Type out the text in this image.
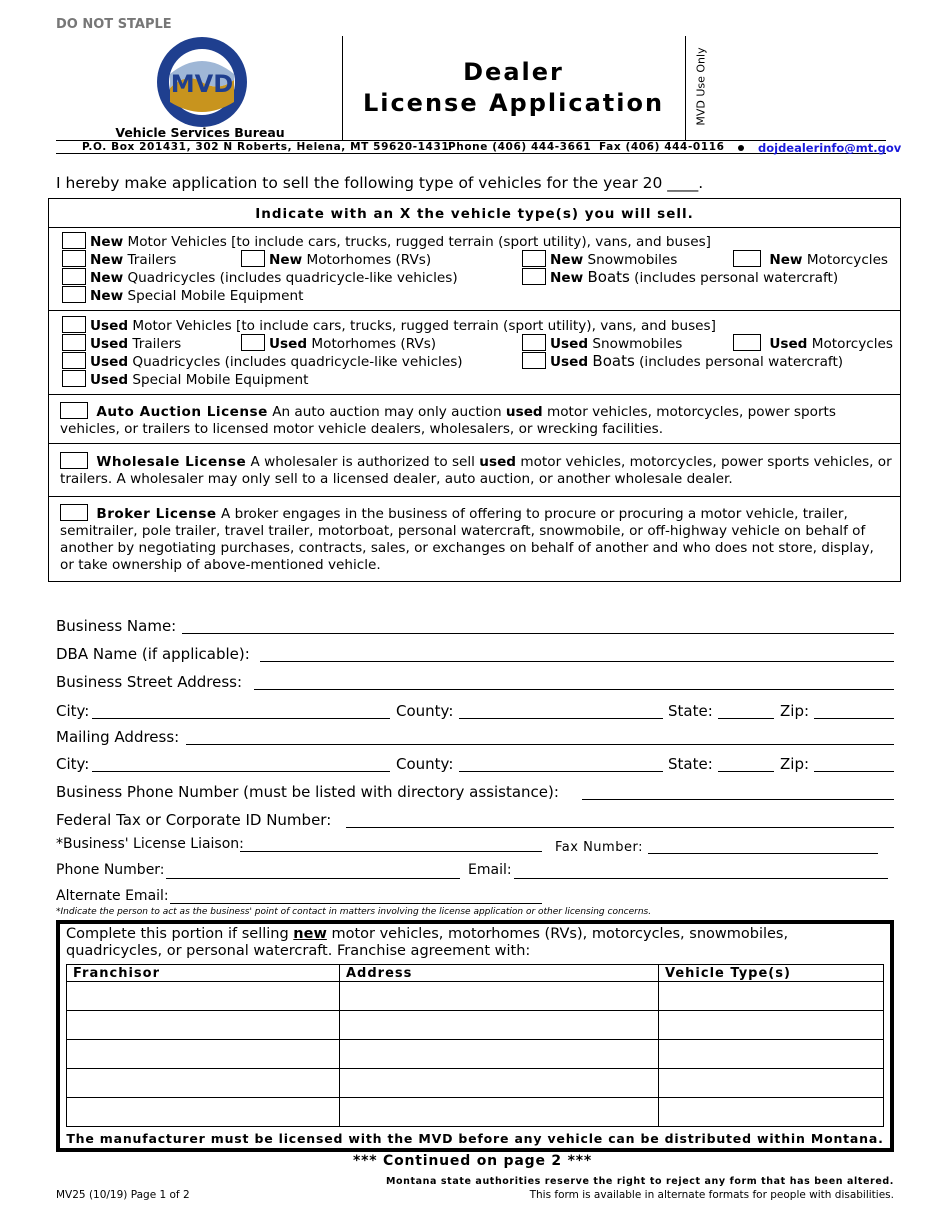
DO NOT STAPLE
MVD
Vehicle Services Bureau
Dealer
License Application	MVD Use Only
P.O. Box 201431, 302 N Roberts, Helena, MT 59620-1431
Phone (406) 444-3661 Fax (406) 444-0116	dojdealerinfo@mt.gov
I hereby make application to sell the following type of vehicles for the year 20 ____.
Indicate with an X the vehicle type(s) you will sell.
New Motor Vehicles [to include cars, trucks, rugged terrain (sport utility), vans, and buses]
New Trailers	New Motorhomes (RVs)	New Snowmobiles	New Motorcycles
New Quadricycles (includes quadricycle-like vehicles)	New Boats (includes personal watercraft)
New Special Mobile Equipment
Used Motor Vehicles [to include cars, trucks, rugged terrain (sport utility), vans, and buses]
Used Trailers	Used Motorhomes (RVs)	Used Snowmobiles	Used Motorcycles
Used Quadricycles (includes quadricycle-like vehicles)	Used Boats (includes personal watercraft)
Used Special Mobile Equipment
Auto Auction License An auto auction may only auction used motor vehicles, motorcycles, power sports vehicles, or trailers to licensed motor vehicle dealers, wholesalers, or wrecking facilities.
Wholesale License A wholesaler is authorized to sell used motor vehicles, motorcycles, power sports vehicles, or trailers. A wholesaler may only sell to a licensed dealer, auto auction, or another wholesale dealer.
Broker License A broker engages in the business of offering to procure or procuring a motor vehicle, trailer, semitrailer, pole trailer, travel trailer, motorboat, personal watercraft, snowmobile, or off-highway vehicle on behalf of another by negotiating purchases, contracts, sales, or exchanges on behalf of another and who does not store, display, or take ownership of above-mentioned vehicle.
Business Name:
DBA Name (if applicable):
Business Street Address:
City:	County:	State:	Zip:
Mailing Address:
City:	County:	State:	Zip:
Business Phone Number (must be listed with directory assistance):
Federal Tax or Corporate ID Number:
*Business' License Liaison:	Fax Number:
Phone Number:	Email:
Alternate Email:
*Indicate the person to act as the business' point of contact in matters involving the license application or other licensing concerns.
Complete this portion if selling new motor vehicles, motorhomes (RVs), motorcycles, snowmobiles, quadricycles, or personal watercraft. Franchise agreement with:
Franchisor	Address	Vehicle Type(s)

The manufacturer must be licensed with the MVD before any vehicle can be distributed within Montana.
*** Continued on page 2 ***
Montana state authorities reserve the right to reject any form that has been altered.
This form is available in alternate formats for people with disabilities.
MV25 (10/19) Page 1 of 2
